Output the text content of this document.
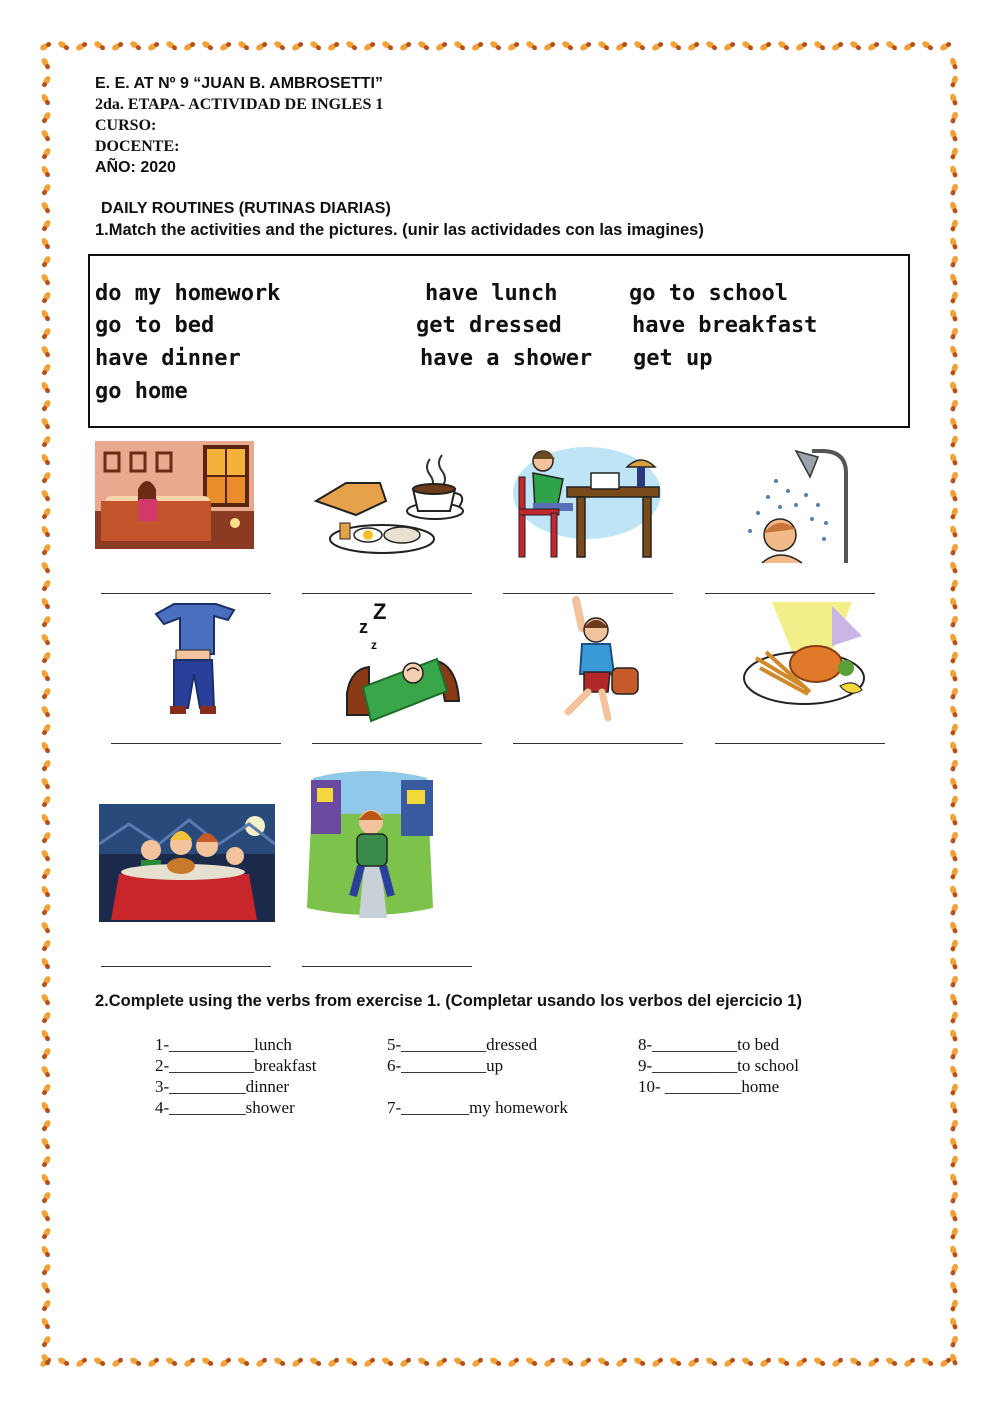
E. E. AT Nº 9 “JUAN B. AMBROSETTI”
2da. ETAPA- ACTIVIDAD DE INGLES 1
CURSO:
DOCENTE:
AÑO: 2020
DAILY ROUTINES (RUTINAS DIARIAS)
1.Match the activities and the pictures. (unir las actividades con las imagines)
do my homework	have lunch	go to school
go to bed	get dressed	have breakfast
have dinner	have a shower get up
go home
Z
z
z
2.Complete using the verbs from exercise 1. (Completar usando los verbos del ejercicio 1)
1-__________lunch
2-__________breakfast
3-_________dinner
4-_________shower
5-__________dressed
6-__________up
7-________my homework
8-__________to bed
9-__________to school
10- _________home
